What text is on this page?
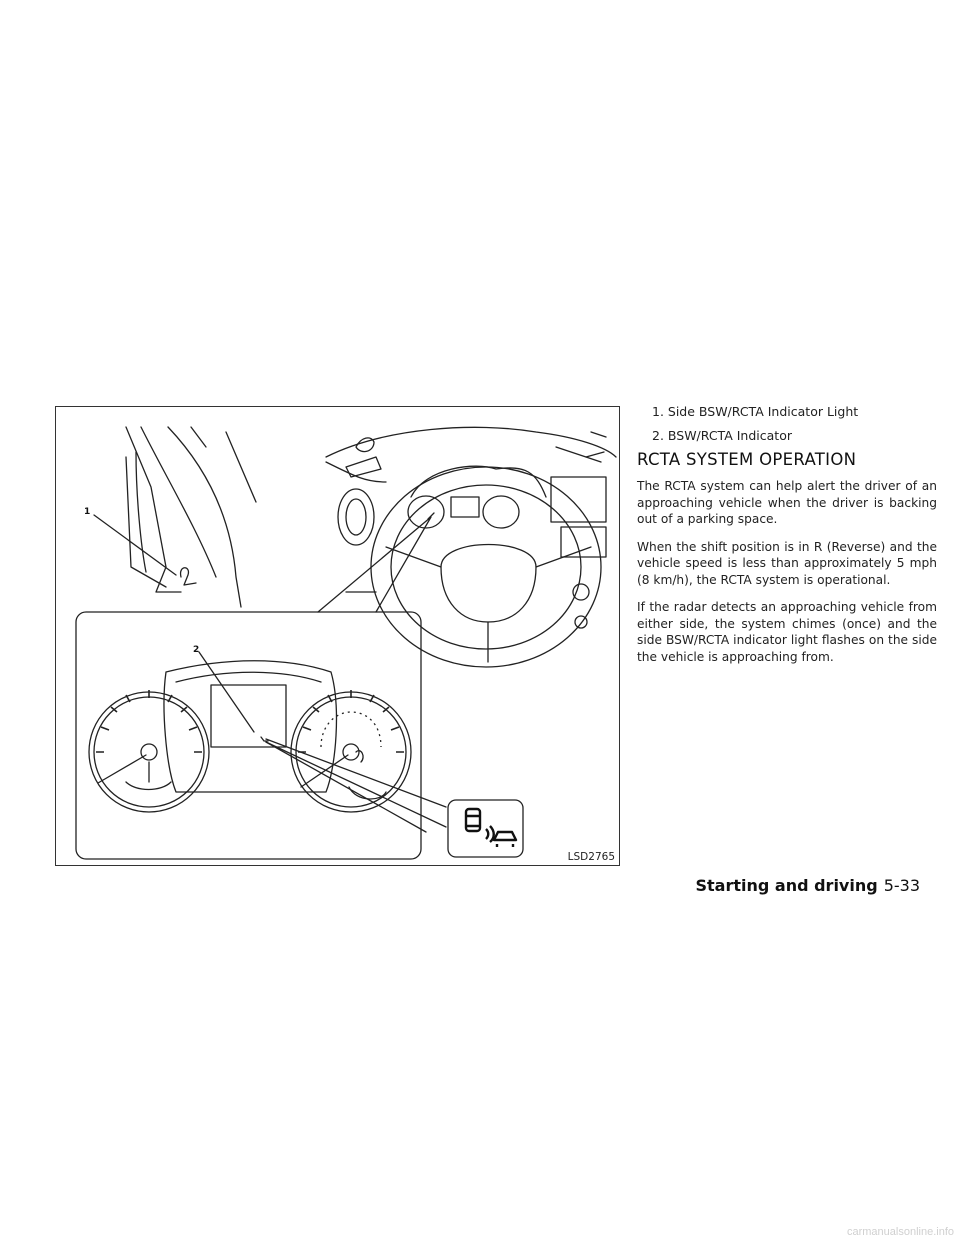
1
2
LSD2765
1. Side BSW/RCTA Indicator Light
2. BSW/RCTA Indicator
RCTA SYSTEM OPERATION

The RCTA system can help alert the driver of an approaching vehicle when the driver is backing out of a parking space.

When the shift position is in R (Reverse) and the vehicle speed is less than approximately 5 mph (8 km/h), the RCTA system is operational.

If the radar detects an approaching vehicle from either side, the system chimes (once) and the side BSW/RCTA indicator light flashes on the side the vehicle is approaching from.

Starting and driving 5-33
carmanualsonline.info
